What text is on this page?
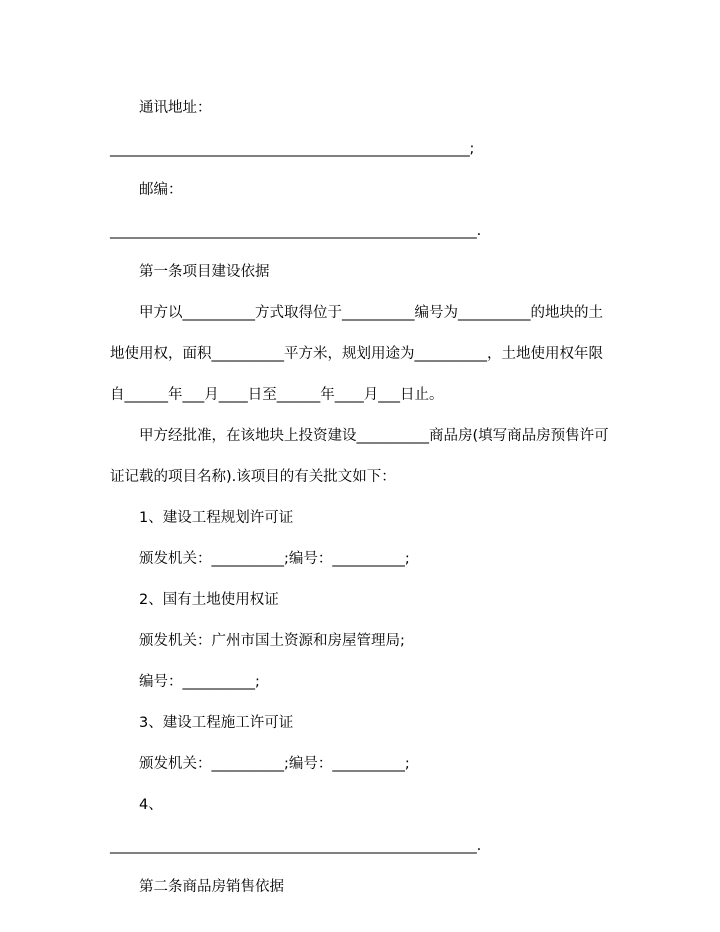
通讯地址：

___________________________________________________;

邮编：

____________________________________________________.

第一条项目建设依据

甲方以__________方式取得位于__________编号为__________的地块的土地使用权，面积__________平方米，规划用途为__________，土地使用权年限自______年___月____日至______年____月___日止。

甲方经批准，在该地块上投资建设__________商品房(填写商品房预售许可证记载的项目名称).该项目的有关批文如下：

1、建设工程规划许可证

颁发机关：__________;编号：__________;

2、国有土地使用权证

颁发机关：广州市国土资源和房屋管理局;

编号：__________;

3、建设工程施工许可证

颁发机关：__________;编号：__________;

4、

____________________________________________________.

第二条商品房销售依据
